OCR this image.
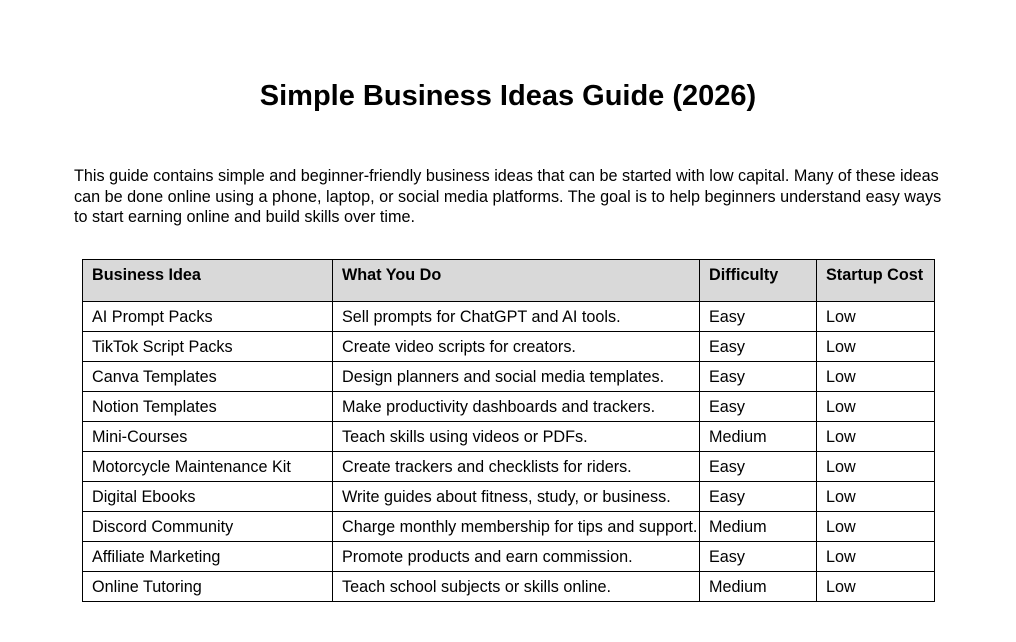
Simple Business Ideas Guide (2026)

This guide contains simple and beginner-friendly business ideas that can be started with low capital. Many of these ideas can be done online using a phone, laptop, or social media platforms. The goal is to help beginners understand easy ways to start earning online and build skills over time.

Business Idea	What You Do	Difficulty	Startup Cost
AI Prompt Packs	Sell prompts for ChatGPT and AI tools.	Easy	Low
TikTok Script Packs	Create video scripts for creators.	Easy	Low
Canva Templates	Design planners and social media templates.	Easy	Low
Notion Templates	Make productivity dashboards and trackers.	Easy	Low
Mini-Courses	Teach skills using videos or PDFs.	Medium	Low
Motorcycle Maintenance Kit	Create trackers and checklists for riders.	Easy	Low
Digital Ebooks	Write guides about fitness, study, or business.	Easy	Low
Discord Community	Charge monthly membership for tips and support.	Medium	Low
Affiliate Marketing	Promote products and earn commission.	Easy	Low
Online Tutoring	Teach school subjects or skills online.	Medium	Low
